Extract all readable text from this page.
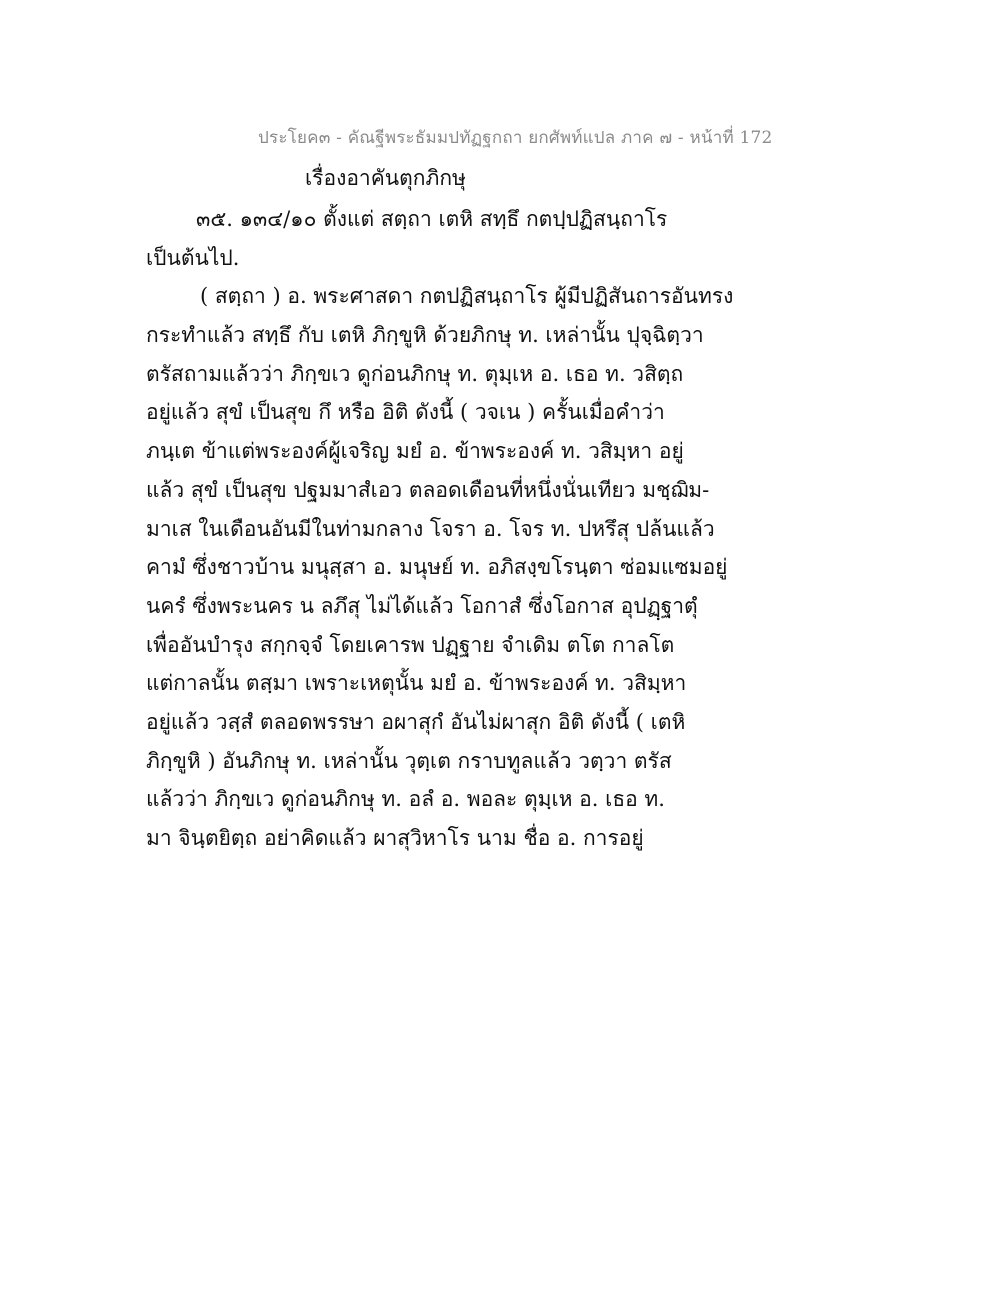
ประโยค๓ - คัณฐีพระธัมมปทัฏฐกถา ยกศัพท์แปล ภาค ๗ - หน้าที่ 172
เรื่องอาคันตุกภิกษุ
๓๕. ๑๓๔/๑๐ ตั้งแต่ สตฺถา เตหิ สทฺธึ กตปฺปฏิสนฺถาโร
เป็นต้นไป.
( สตฺถา ) อ. พระศาสดา กตปฏิสนฺถาโร ผู้มีปฏิสันถารอันทรง
กระทำแล้ว สทฺธึ กับ เตหิ ภิกฺขูหิ ด้วยภิกษุ ท. เหล่านั้น ปุจฺฉิตฺวา
ตรัสถามแล้วว่า ภิกฺขเว ดูก่อนภิกษุ ท. ตุมฺเห อ. เธอ ท. วสิตฺถ
อยู่แล้ว สุขํ เป็นสุข กึ หรือ อิติ ดังนี้ ( วจเน ) ครั้นเมื่อคำว่า
ภนฺเต ข้าแต่พระองค์ผู้เจริญ มยํ อ. ข้าพระองค์ ท. วสิมฺหา อยู่
แล้ว สุขํ เป็นสุข ปฐมมาสํเอว ตลอดเดือนที่หนึ่งนั่นเทียว มชฺฌิม-
มาเส ในเดือนอันมีในท่ามกลาง โจรา อ. โจร ท. ปหรึสุ ปล้นแล้ว
คามํ ซึ่งชาวบ้าน มนุสฺสา อ. มนุษย์ ท. อภิสงฺขโรนฺตา ซ่อมแซมอยู่
นครํ ซึ่งพระนคร น ลภึสุ ไม่ได้แล้ว โอกาสํ ซึ่งโอกาส อุปฏฺฐาตุํ
เพื่ออันบำรุง สกฺกจฺจํ โดยเคารพ ปฏฺฐาย จำเดิม ตโต กาลโต
แต่กาลนั้น ตสฺมา เพราะเหตุนั้น มยํ อ. ข้าพระองค์ ท. วสิมฺหา
อยู่แล้ว วสฺสํ ตลอดพรรษา อผาสุกํ อันไม่ผาสุก อิติ ดังนี้ ( เตหิ
ภิกฺขูหิ ) อันภิกษุ ท. เหล่านั้น วุตฺเต กราบทูลแล้ว วตฺวา ตรัส
แล้วว่า ภิกฺขเว ดูก่อนภิกษุ ท. อลํ อ. พอละ ตุมฺเห อ. เธอ ท.
มา จินฺตยิตฺถ อย่าคิดแล้ว ผาสุวิหาโร นาม ชื่อ อ. การอยู่
